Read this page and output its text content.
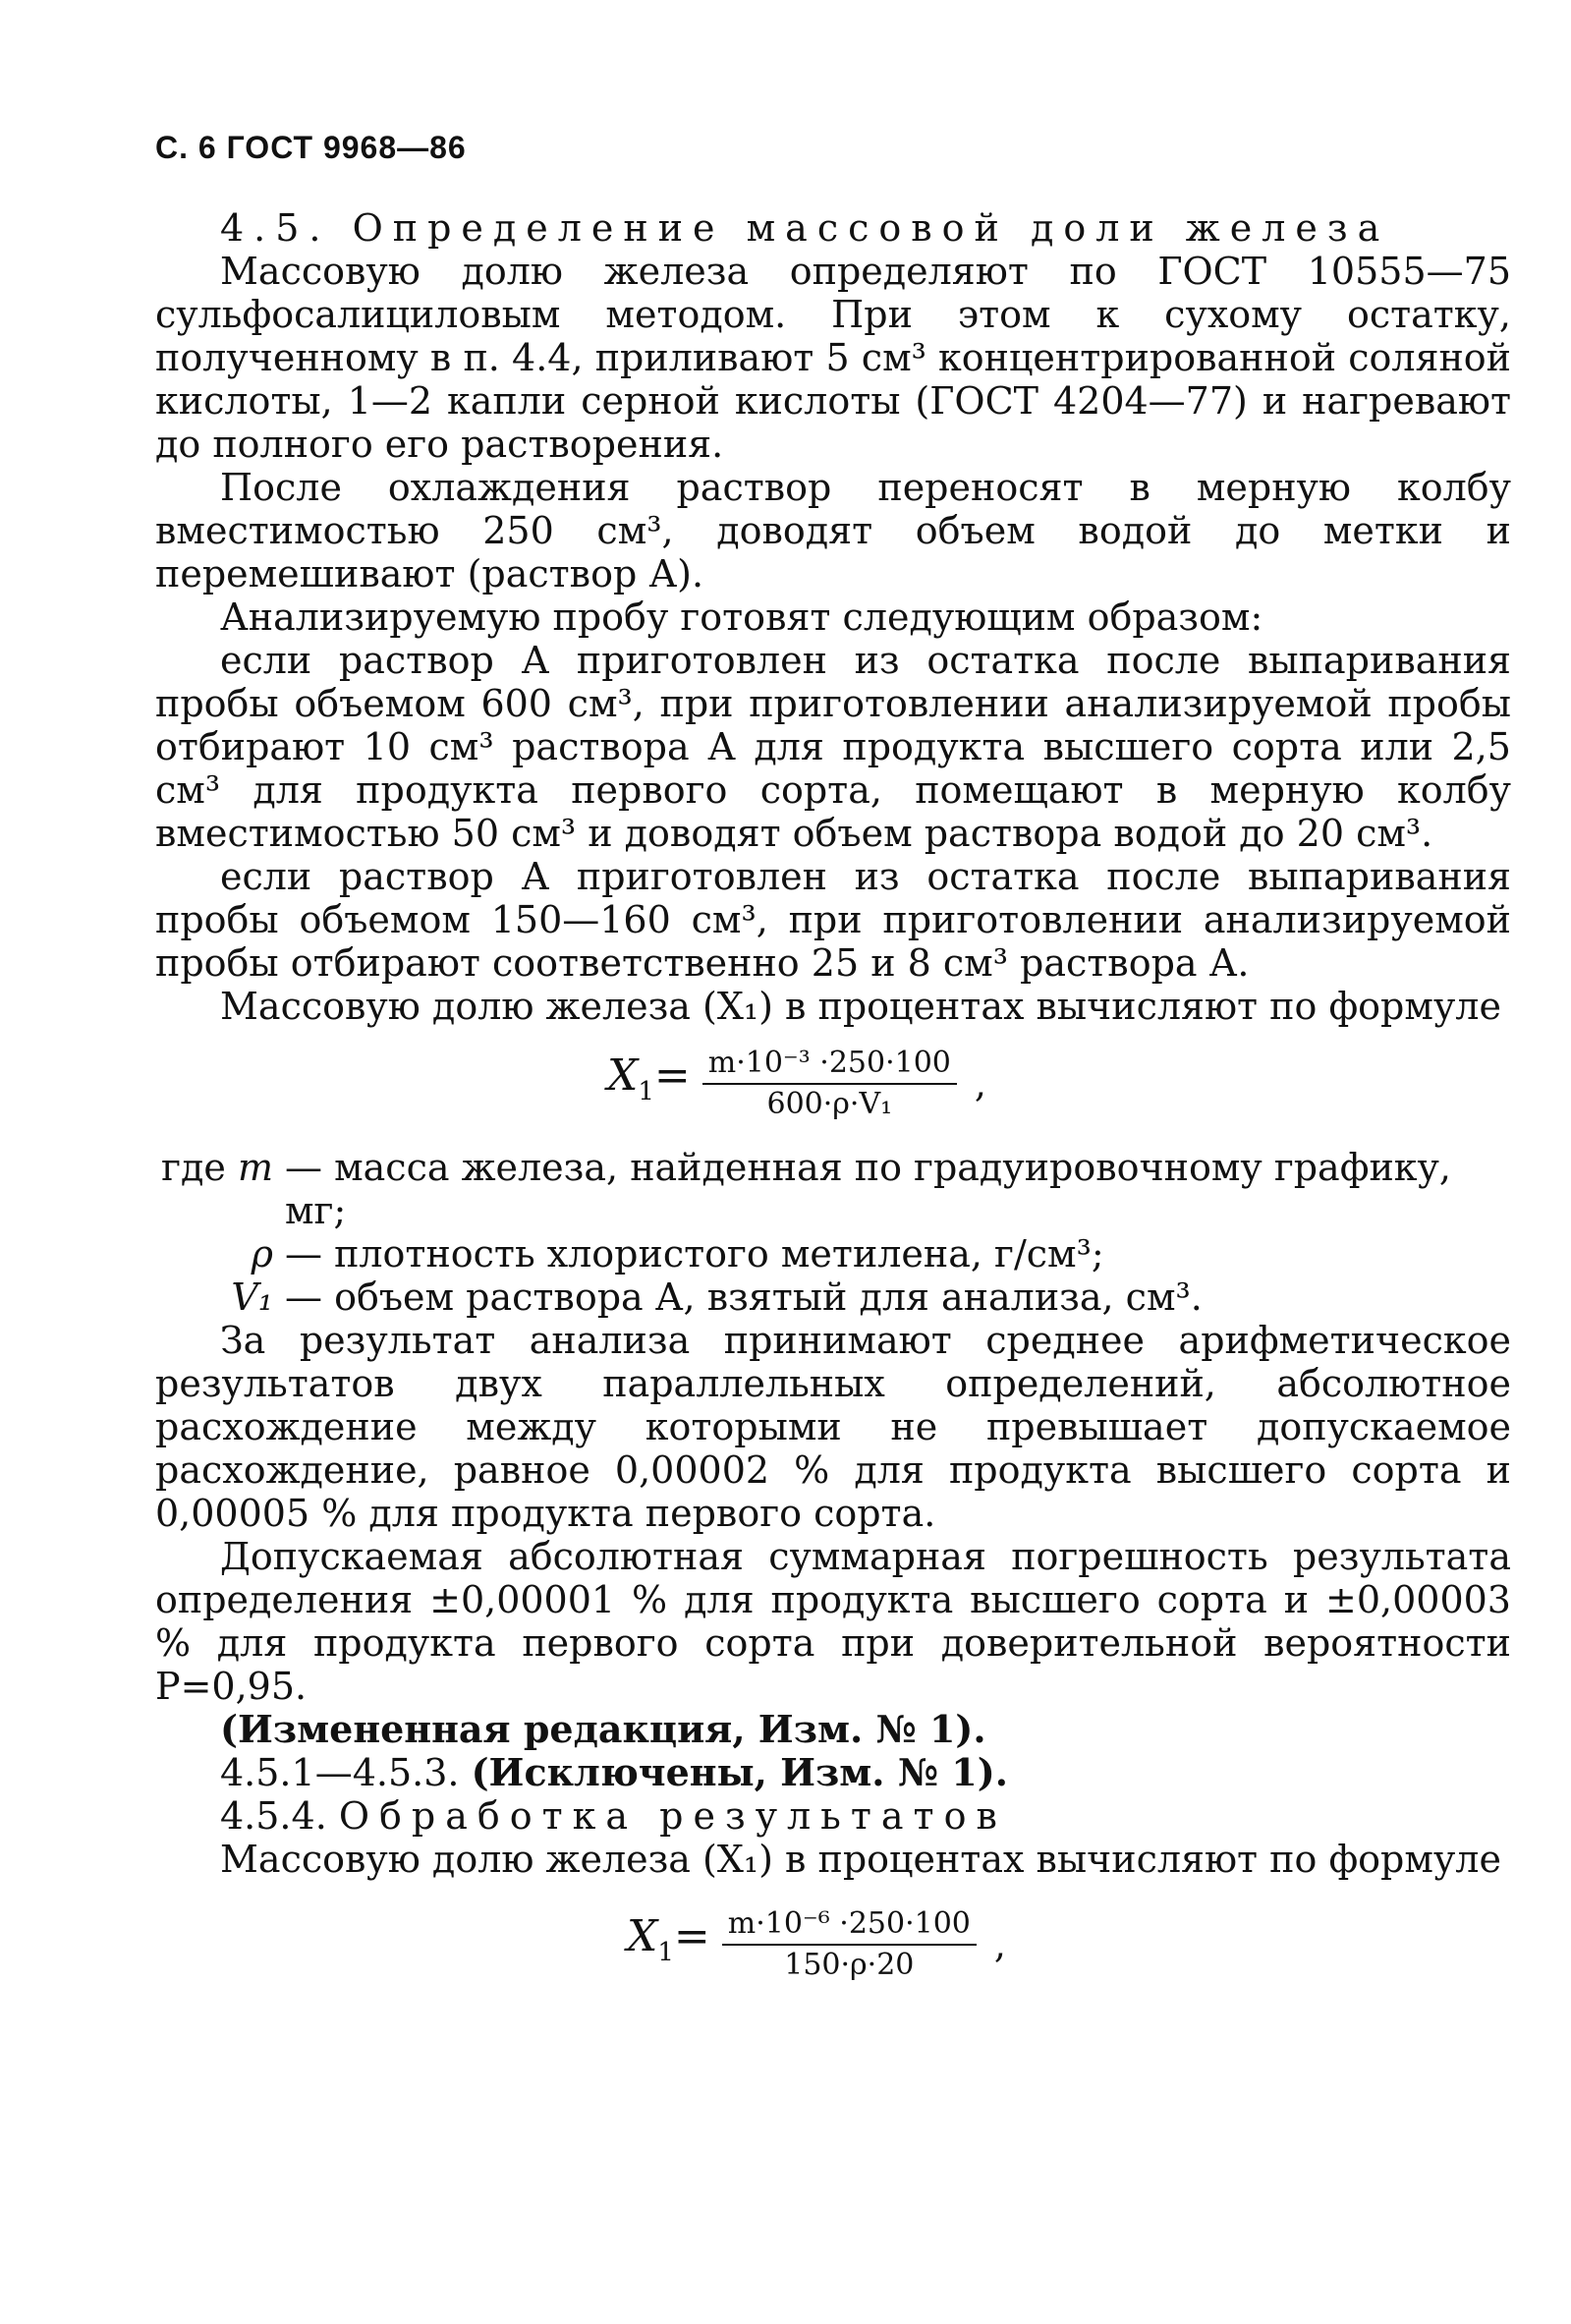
С. 6 ГОСТ 9968—86

4.5. Определение массовой доли железа

Массовую долю железа определяют по ГОСТ 10555—75 сульфосалициловым методом. При этом к сухому остатку, полученному в п. 4.4, приливают 5 см³ концентрированной соляной кислоты, 1—2 капли серной кислоты (ГОСТ 4204—77) и нагревают до полного его растворения.

После охлаждения раствор переносят в мерную колбу вместимостью 250 см³, доводят объем водой до метки и перемешивают (раствор А).

Анализируемую пробу готовят следующим образом:

если раствор А приготовлен из остатка после выпаривания пробы объемом 600 см³, при приготовлении анализируемой пробы отбирают 10 см³ раствора А для продукта высшего сорта или 2,5 см³ для продукта первого сорта, помещают в мерную колбу вместимостью 50 см³ и доводят объем раствора водой до 20 см³.

если раствор А приготовлен из остатка после выпаривания пробы объемом 150—160 см³, при приготовлении анализируемой пробы отбирают соответственно 25 и 8 см³ раствора А.

Массовую долю железа (X₁) в процентах вычисляют по формуле

$X_1= \frac{\text{m·10⁻³ ·250·100}}{\text{600·ρ·V₁}}$ ,
где m — масса железа, найденная по градуировочному графику,
мг;
ρ — плотность хлористого метилена, г/см³;
V₁ — объем раствора А, взятый для анализа, см³.

За результат анализа принимают среднее арифметическое результатов двух параллельных определений, абсолютное расхождение между которыми не превышает допускаемое расхождение, равное 0,00002 % для продукта высшего сорта и 0,00005 % для продукта первого сорта.

Допускаемая абсолютная суммарная погрешность результата определения ±0,00001 % для продукта высшего сорта и ±0,00003 % для продукта первого сорта при доверительной вероятности P=0,95.

(Измененная редакция, Изм. № 1).

4.5.1—4.5.3. (Исключены, Изм. № 1).

4.5.4. Обработка результатов

Массовую долю железа (X₁) в процентах вычисляют по формуле

$X_1= \frac{\text{m·10⁻⁶ ·250·100}}{150\cdot\rho\cdot 20}$ ,
